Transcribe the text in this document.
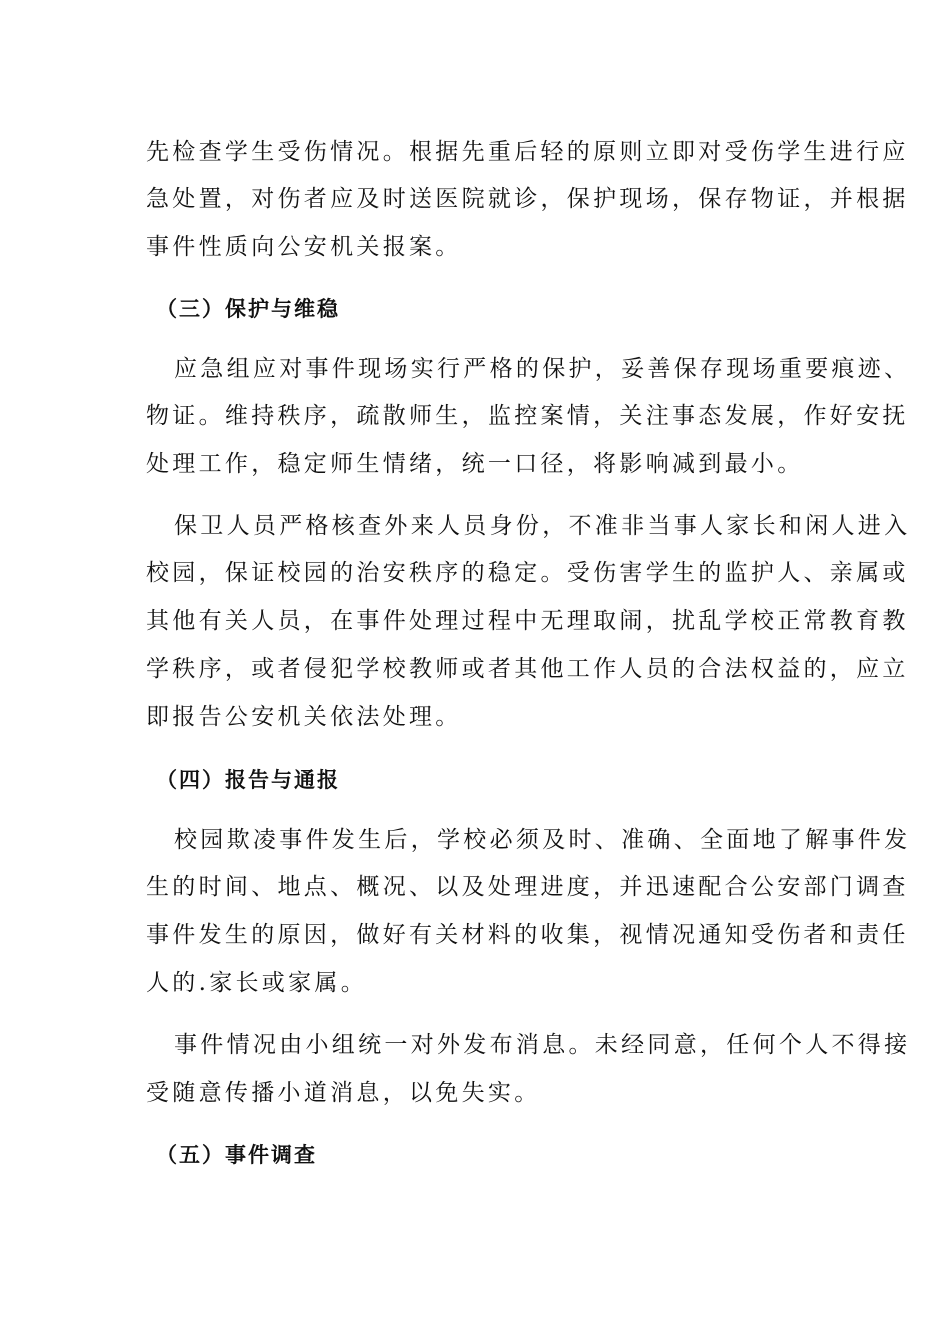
先检查学生受伤情况。根据先重后轻的原则立即对受伤学生进行应
急处置，对伤者应及时送医院就诊，保护现场，保存物证，并根据
事件性质向公安机关报案。
（三）保护与维稳
应急组应对事件现场实行严格的保护，妥善保存现场重要痕迹、
物证。维持秩序，疏散师生，监控案情，关注事态发展，作好安抚
处理工作，稳定师生情绪，统一口径，将影响减到最小。
保卫人员严格核查外来人员身份，不准非当事人家长和闲人进入
校园，保证校园的治安秩序的稳定。受伤害学生的监护人、亲属或
其他有关人员，在事件处理过程中无理取闹，扰乱学校正常教育教
学秩序，或者侵犯学校教师或者其他工作人员的合法权益的，应立
即报告公安机关依法处理。
（四）报告与通报
校园欺凌事件发生后，学校必须及时、准确、全面地了解事件发
生的时间、地点、概况、以及处理进度，并迅速配合公安部门调查
事件发生的原因，做好有关材料的收集，视情况通知受伤者和责任
人的.家长或家属。
事件情况由小组统一对外发布消息。未经同意，任何个人不得接
受随意传播小道消息，以免失实。
（五）事件调查
